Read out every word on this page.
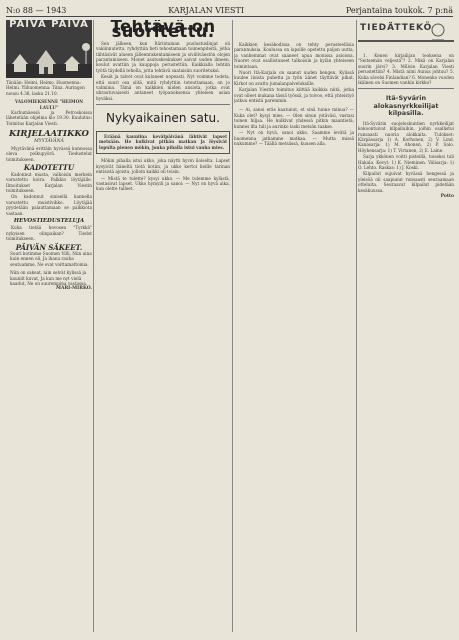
N:o 88 — 1943	KARJALAN VIESTI	Perjantaina toukok. 7 p:nä
PÄIVÄ PÄIVÄ
Tänään: Heimi, Heimo. Huomenna: Helmi. Ylihuomenna: Tiina. Auringon nousu 4.38, lasku 21.10.
VALOMIEKSENNE "HEIMON LAULU"
Karhumäessä ja Petroskoissa lähetetään ohjelma klo 19.30. Kuulutus: Toimitus Karjalan Viesti.
KIRJELAATIKKO
MYYTÄVÄNÄ
Myytävänä erittäin hyvässä kunnossa oleva polkupyörä. Tiedustelut toimitukseen.
KADOTETTU
Kadonnut musta, valkoisin merkein varustettu koira. Palkkio löytäjälle. Ilmoitukset Karjalan Viestin toimitukseen.
On kadonnut sinisellä kannella varustettu muistivihko. Löytäjää pyydetään palauttamaan se palkkiota vastaan.
HEVOSTIEDUSTELUJA
Kuka tietää hevosen "Tyrkkä" nykyisen olinpaikan? Tiedot toimitukseen.
PÄIVÄN SÄKEET.
Suuri kotimme Suomen Villi, Niin aina kuin ennen oli, Ja ihana rauha seutuamme, Ne ovat voittamattomia.
Niin on sakeat, niin selvät kylissä ja kauniit kuvat, Ja kun me nyt vielä kaadut, Ne on suurempina vastassa.
MARI-MIRKO.
Tehtävä on suoritettu.
Sen jälkeen, kun Itärintaman puolustuslinjat oli vakiinnutettu, ryhdyttiin heti tehostamaan toimenpiteitä, jotka tähtäsivät alueen jälleenrakentamiseen ja siviiliväestön olojen parantamiseen. Monet asutuskeskukset saivat uuden ilmeen, koulut avattiin ja kauppoja perustettiin. Kaikkialla tehtiin työtä täydellä teholla, jotta tehtävä saataisiin suoritetuksi.
Kesät ja talvet ovat kuluneet nopeasti. Nyt voimme todeta, että suuri osa siitä, mitä ryhdyttiin toteuttamaan, on jo valmiina. Tämä on kaikkien niiden ansiota, jotka ovat uhrautuvaisesti antaneet työpanoksensa yhteisen asian hyväksi.
Nykyaikainen satu.
Eräänä kauniina kevätpäivänä lähtivät lapset metsään. He kulkivat pitkän matkan ja löysivät lopulta pienen mökin, jonka pihalla istui vanha mies.
Mökin pihalla istui ukko, joka näytti hyvin iloiselta. Lapset kysyivät häneltä tietä kotiin, ja ukko kertoi heille tarinan entisistä ajoista, jolloin kaikki oli toisin.
— Mistä te tulette? kysyi ukko. — Me tulemme kylästä, vastasivat lapset. Ukko hymyili ja sanoi: — Nyt on hyvä aika, kun olette tulleet.
Kaikkien kesäkodissa on tehty perusteellisia parannuksia. Koulussa on lapsille opetettu paljon uutta, ja vanhemmat ovat saaneet apua monissa asioissa. Nuoret ovat osallistuneet talkoisiin ja kylän yhteiseen toimintaan.
Nuori Itä-Karjala on saanut uuden hengen. Kylissä kuulee iloista puhetta ja työn äänet täyttävät pihat. Kirkot on avattu jumalanpalveluksille.
Karjalan Viestin toimitus kiittää kaikkia niitä, jotka ovat olleet mukana tässä työssä, ja toivoo, että yhteistyö jatkuu entistä paremmin.
— Ai, sanoi eräs kaatunut, et sinä tunne minua? — Kuka olet? kysyi mies. — Olen sinun ystäväsi, vastasi toinen hiljaa. He kulkivat yhdessä pitkin maantietä, kunnes ilta tuli ja aurinko laski metsän taakse.
— Nyt on hyvä, sanoi ukko. Saamme levätä ja huomenna jatkamme matkaa. — Mutta missä nukumme? — Täällä metsässä, kuusen alla.
TIEDÄTTEKÖ
1. Kenen kirjailijan teoksena on "Seitsemän veljestä"? 2. Mikä on Karjalan suurin järvi? 3. Milloin Karjalan Viesti perustettiin? 4. Mistä nimi Aunus johtuu? 5. Kuka sävelsi Finlandian? 6. Monenko vuoden ikäinen on Suomen vanhin kirkko?
Itä-Syvärin alokasnyrkkeilijat kilpasilla.
Itä-Syvärin suojeluskuntien nyrkkeilijat kokoontuivat kilpailuihin, joihin osallistui runsaasti nuoria alokkaita. Tulokset: Kärpässarja 1) A. Korhonen, 2) V. Lind. Kanasarja: 1) M. Ahonen, 2) P. Salo. Höyhensarja: 1) T. Virtanen, 2) E. Laine.
Sarja ykkönen voitti pisteillä, toiseksi tuli Hakala. Kevyt: 1) K. Nieminen. Välisarja: 1) O. Lehto. Raskas: 1) J. Koski.
Kilpailut sujuivat hyvässä hengessä ja yleisöä oli saapunut runsaasti seuraamaan otteluita. Seuraavat kilpailut pidetään kesäkuussa.
Potto
